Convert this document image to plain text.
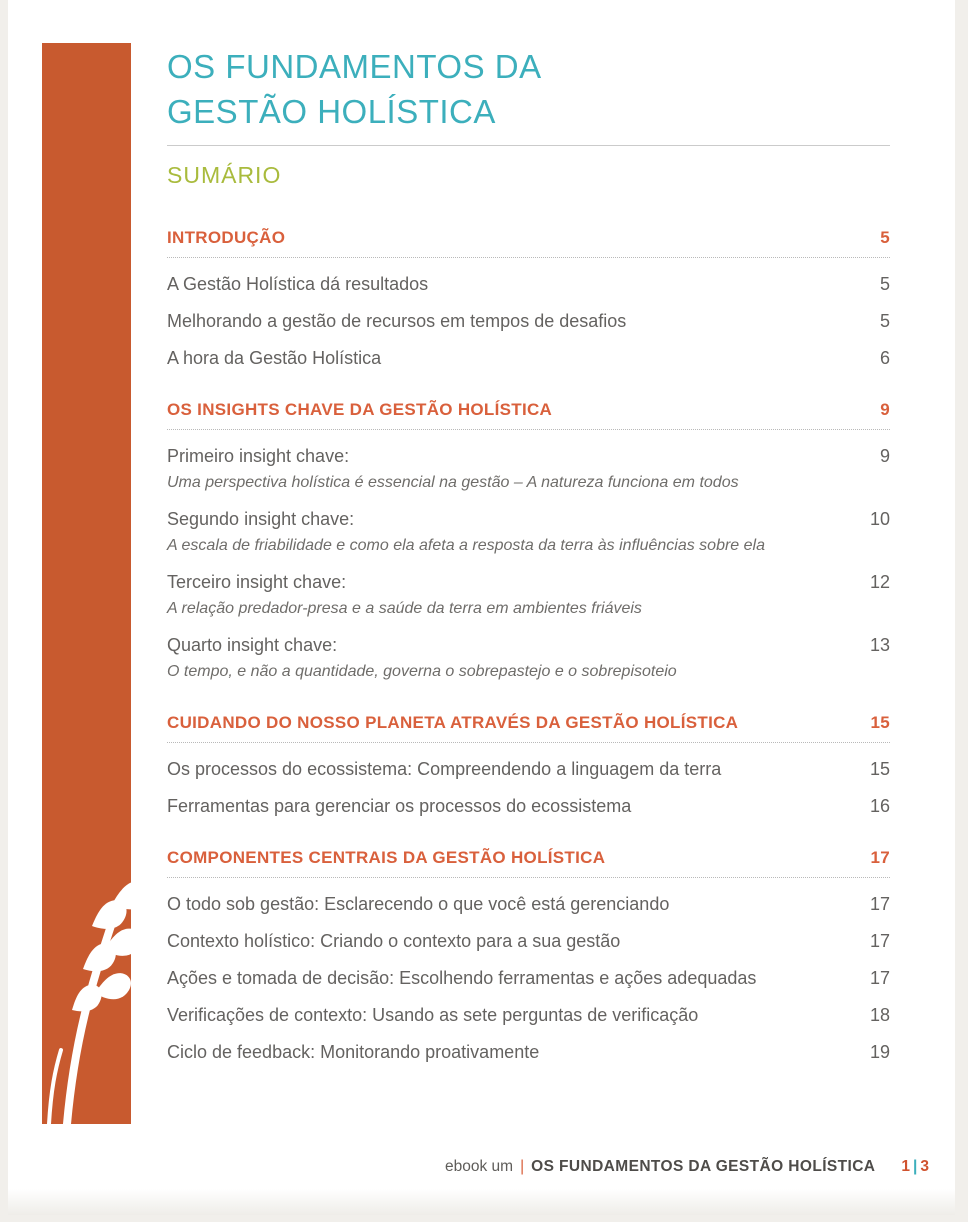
OS FUNDAMENTOS DA
GESTÃO HOLÍSTICA
SUMÁRIO
INTRODUÇÃO	5
A Gestão Holística dá resultados	5
Melhorando a gestão de recursos em tempos de desafios	5
A hora da Gestão Holística	6
OS INSIGHTS CHAVE DA GESTÃO HOLÍSTICA	9
Primeiro insight chave:	9
Uma perspectiva holística é essencial na gestão – A natureza funciona em todos
Segundo insight chave:	10
A escala de friabilidade e como ela afeta a resposta da terra às influências sobre ela
Terceiro insight chave:	12
A relação predador-presa e a saúde da terra em ambientes friáveis
Quarto insight chave:	13
O tempo, e não a quantidade, governa o sobrepastejo e o sobrepisoteio
CUIDANDO DO NOSSO PLANETA ATRAVÉS DA GESTÃO HOLÍSTICA	15
Os processos do ecossistema: Compreendendo a linguagem da terra	15
Ferramentas para gerenciar os processos do ecossistema	16
COMPONENTES CENTRAIS DA GESTÃO HOLÍSTICA	17
O todo sob gestão: Esclarecendo o que você está gerenciando	17
Contexto holístico: Criando o contexto para a sua gestão	17
Ações e tomada de decisão: Escolhendo ferramentas e ações adequadas	17
Verificações de contexto: Usando as sete perguntas de verificação	18
Ciclo de feedback: Monitorando proativamente	19
ebook um | OS FUNDAMENTOS DA GESTÃO HOLÍSTICA 1 | 3
